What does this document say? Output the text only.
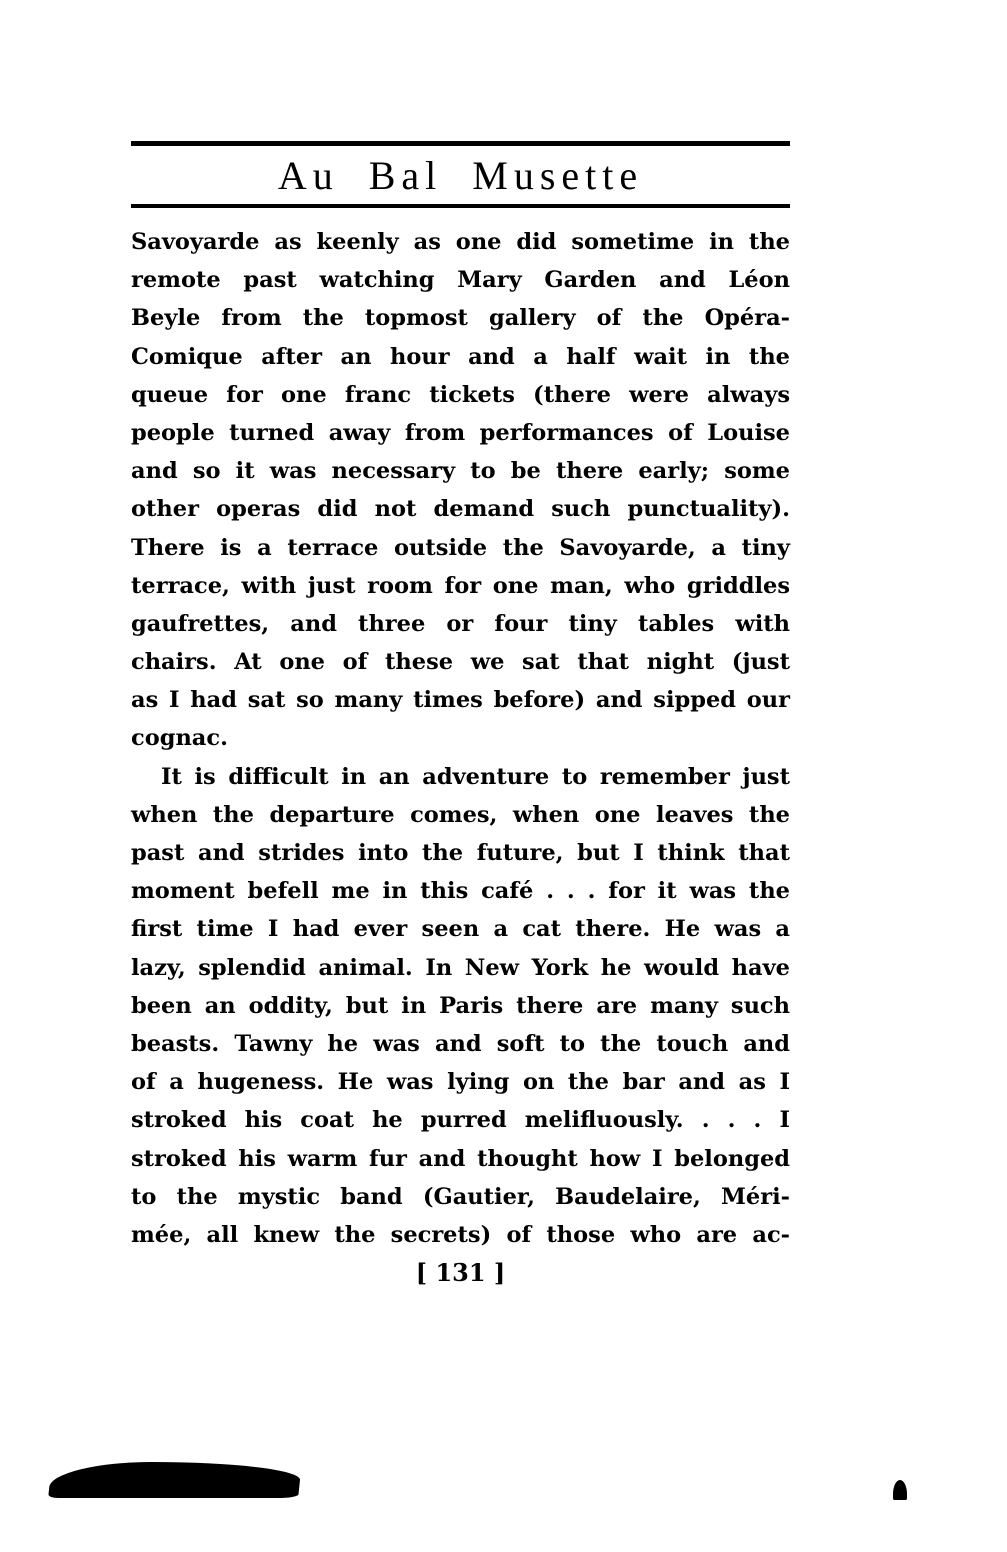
Au Bal Musette
Savoyarde as keenly as one did sometime in the
remote past watching Mary Garden and Léon
Beyle from the topmost gallery of the Opéra-
Comique after an hour and a half wait in the
queue for one franc tickets (there were always
people turned away from performances of Louise
and so it was necessary to be there early; some
other operas did not demand such punctuality).
There is a terrace outside the Savoyarde, a tiny
terrace, with just room for one man, who griddles
gaufrettes, and three or four tiny tables with
chairs. At one of these we sat that night (just
as I had sat so many times before) and sipped our
cognac.
It is difficult in an adventure to remember just
when the departure comes, when one leaves the
past and strides into the future, but I think that
moment befell me in this café . . . for it was the
first time I had ever seen a cat there. He was a
lazy, splendid animal. In New York he would have
been an oddity, but in Paris there are many such
beasts. Tawny he was and soft to the touch and
of a hugeness. He was lying on the bar and as I
stroked his coat he purred melifluously. . . . I
stroked his warm fur and thought how I belonged
to the mystic band (Gautier, Baudelaire, Méri-
mée, all knew the secrets) of those who are ac-
[ 131 ]
